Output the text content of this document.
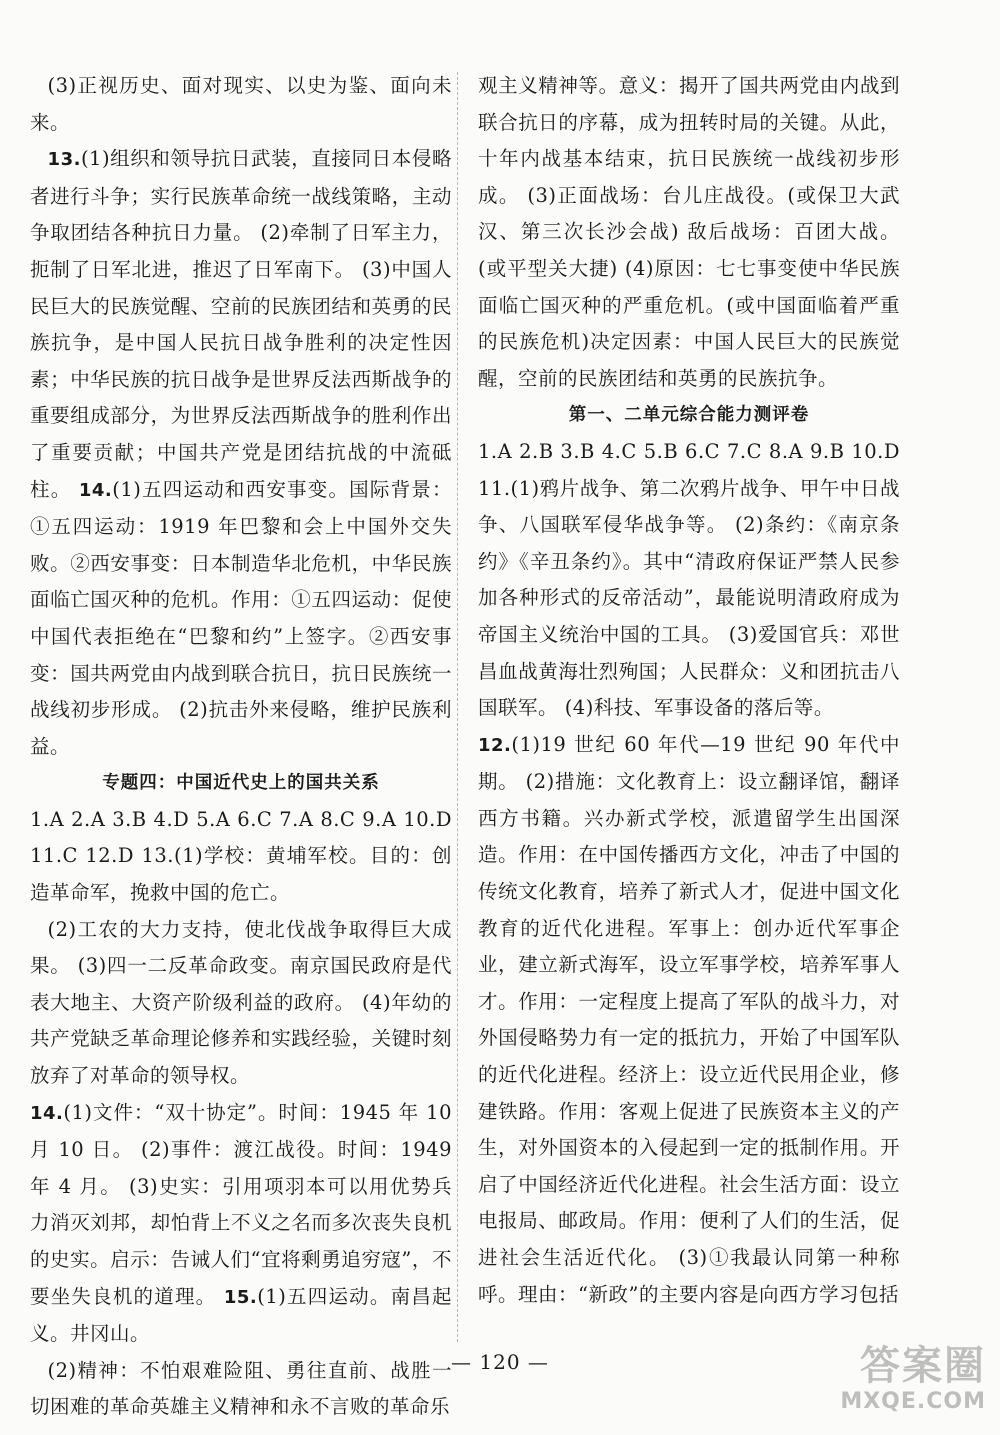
(3)正视历史、面对现实、以史为鉴、面向未来。

13.(1)组织和领导抗日武装，直接同日本侵略者进行斗争；实行民族革命统一战线策略，主动争取团结各种抗日力量。 (2)牵制了日军主力，扼制了日军北进，推迟了日军南下。 (3)中国人民巨大的民族觉醒、空前的民族团结和英勇的民族抗争，是中国人民抗日战争胜利的决定性因素；中华民族的抗日战争是世界反法西斯战争的重要组成部分，为世界反法西斯战争的胜利作出了重要贡献；中国共产党是团结抗战的中流砥柱。 14.(1)五四运动和西安事变。国际背景：①五四运动：1919 年巴黎和会上中国外交失败。②西安事变：日本制造华北危机，中华民族面临亡国灭种的危机。作用：①五四运动：促使中国代表拒绝在“巴黎和约”上签字。②西安事变：国共两党由内战到联合抗日，抗日民族统一战线初步形成。 (2)抗击外来侵略，维护民族利益。

专题四：中国近代史上的国共关系

1.A 2.A 3.B 4.D 5.A 6.C 7.A 8.C 9.A 10.D 11.C 12.D 13.(1)学校：黄埔军校。目的：创造革命军，挽救中国的危亡。

(2)工农的大力支持，使北伐战争取得巨大成果。 (3)四一二反革命政变。南京国民政府是代表大地主、大资产阶级利益的政府。 (4)年幼的共产党缺乏革命理论修养和实践经验，关键时刻放弃了对革命的领导权。

14.(1)文件：“双十协定”。时间：1945 年 10 月 10 日。 (2)事件：渡江战役。时间：1949 年 4 月。 (3)史实：引用项羽本可以用优势兵力消灭刘邦，却怕背上不义之名而多次丧失良机的史实。启示：告诫人们“宜将剩勇追穷寇”，不要坐失良机的道理。 15.(1)五四运动。南昌起义。井冈山。

(2)精神：不怕艰难险阻、勇往直前、战胜一切困难的革命英雄主义精神和永不言败的革命乐

观主义精神等。意义：揭开了国共两党由内战到联合抗日的序幕，成为扭转时局的关键。从此，十年内战基本结束，抗日民族统一战线初步形成。 (3)正面战场：台儿庄战役。(或保卫大武汉、第三次长沙会战) 敌后战场：百团大战。(或平型关大捷) (4)原因：七七事变使中华民族面临亡国灭种的严重危机。(或中国面临着严重的民族危机)决定因素：中国人民巨大的民族觉醒，空前的民族团结和英勇的民族抗争。

第一、二单元综合能力测评卷

1.A 2.B 3.B 4.C 5.B 6.C 7.C 8.A 9.B 10.D 11.(1)鸦片战争、第二次鸦片战争、甲午中日战争、八国联军侵华战争等。 (2)条约：《南京条约》《辛丑条约》。其中“清政府保证严禁人民参加各种形式的反帝活动”，最能说明清政府成为帝国主义统治中国的工具。 (3)爱国官兵：邓世昌血战黄海壮烈殉国；人民群众：义和团抗击八国联军。 (4)科技、军事设备的落后等。

12.(1)19 世纪 60 年代—19 世纪 90 年代中期。 (2)措施：文化教育上：设立翻译馆，翻译西方书籍。兴办新式学校，派遣留学生出国深造。作用：在中国传播西方文化，冲击了中国的传统文化教育，培养了新式人才，促进中国文化教育的近代化进程。军事上：创办近代军事企业，建立新式海军，设立军事学校，培养军事人才。作用：一定程度上提高了军队的战斗力，对外国侵略势力有一定的抵抗力，开始了中国军队的近代化进程。经济上：设立近代民用企业，修建铁路。作用：客观上促进了民族资本主义的产生，对外国资本的入侵起到一定的抵制作用。开启了中国经济近代化进程。社会生活方面：设立电报局、邮政局。作用：便利了人们的生活，促进社会生活近代化。 (3)①我最认同第一种称呼。理由：“新政”的主要内容是向西方学习包括

— 120 —	答案圈
MXQE.COM
